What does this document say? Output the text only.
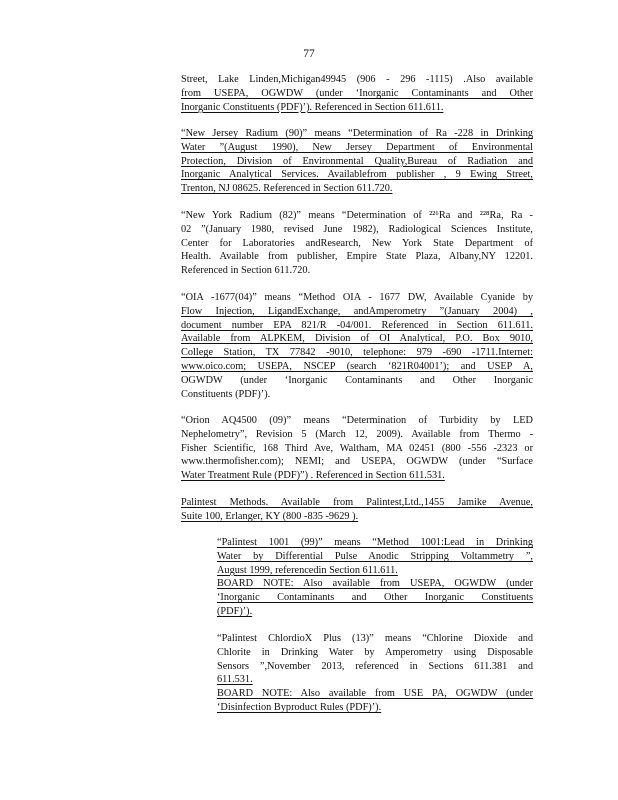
77
Street, Lake Linden,Michigan49945 (906 - 296 -1115) .Also available
from USEPA, OGWDW (under ‘Inorganic Contaminants and Other
Inorganic Constituents (PDF)’). Referenced in Section 611.611.
“New Jersey Radium (90)” means “Determination of Ra -228 in Drinking
Water ”(August 1990), New Jersey Department of Environmental
Protection, Division of Environmental Quality,Bureau of Radiation and
Inorganic Analytical Services. Availablefrom publisher , 9 Ewing Street,
Trenton, NJ 08625. Referenced in Section 611.720.
“New York Radium (82)” means “Determination of ²²⁶Ra and ²²⁸Ra, Ra -
02 ”(January 1980, revised June 1982), Radiological Sciences Institute,
Center for Laboratories andResearch, New York State Department of
Health. Available from publisher, Empire State Plaza, Albany,NY 12201.
Referenced in Section 611.720.
“OIA -1677(04)” means “Method OIA - 1677 DW, Available Cyanide by
Flow Injection, LigandExchange, andAmperometry ”(January 2004) ,
document number EPA 821/R -04/001. Referenced in Section 611.611.
Available from ALPKEM, Division of OI Analytical, P.O. Box 9010,
College Station, TX 77842 -9010, telephone: 979 -690 -1711.Internet:
www.oico.com; USEPA, NSCEP (search ‘821R04001’); and USEP A,
OGWDW (under ‘Inorganic Contaminants and Other Inorganic
Constituents (PDF)’).
“Orion AQ4500 (09)” means “Determination of Turbidity by LED
Nephelometry”, Revision 5 (March 12, 2009). Available from Thermo -
Fisher Scientific, 168 Third Ave, Waltham, MA 02451 (800 -556 -2323 or
www.thermofisher.com); NEMI; and USEPA, OGWDW (under “Surface
Water Treatment Rule (PDF)”) . Referenced in Section 611.531.
Palintest Methods. Available from Palintest,Ltd.,1455 Jamike Avenue,
Suite 100, Erlanger, KY (800 -835 -9629 ).
“Palintest 1001 (99)” means “Method 1001:Lead in Drinking
Water by Differential Pulse Anodic Stripping Voltammetry ”,
August 1999, referencedin Section 611.611.
BOARD NOTE: Also available from USEPA, OGWDW (under
‘Inorganic Contaminants and Other Inorganic Constituents
(PDF)’).
“Palintest ChlordioX Plus (13)” means “Chlorine Dioxide and
Chlorite in Drinking Water by Amperometry using Disposable
Sensors ”,November 2013, referenced in Sections 611.381 and
611.531.
BOARD NOTE: Also available from USE PA, OGWDW (under
‘Disinfection Byproduct Rules (PDF)’).
